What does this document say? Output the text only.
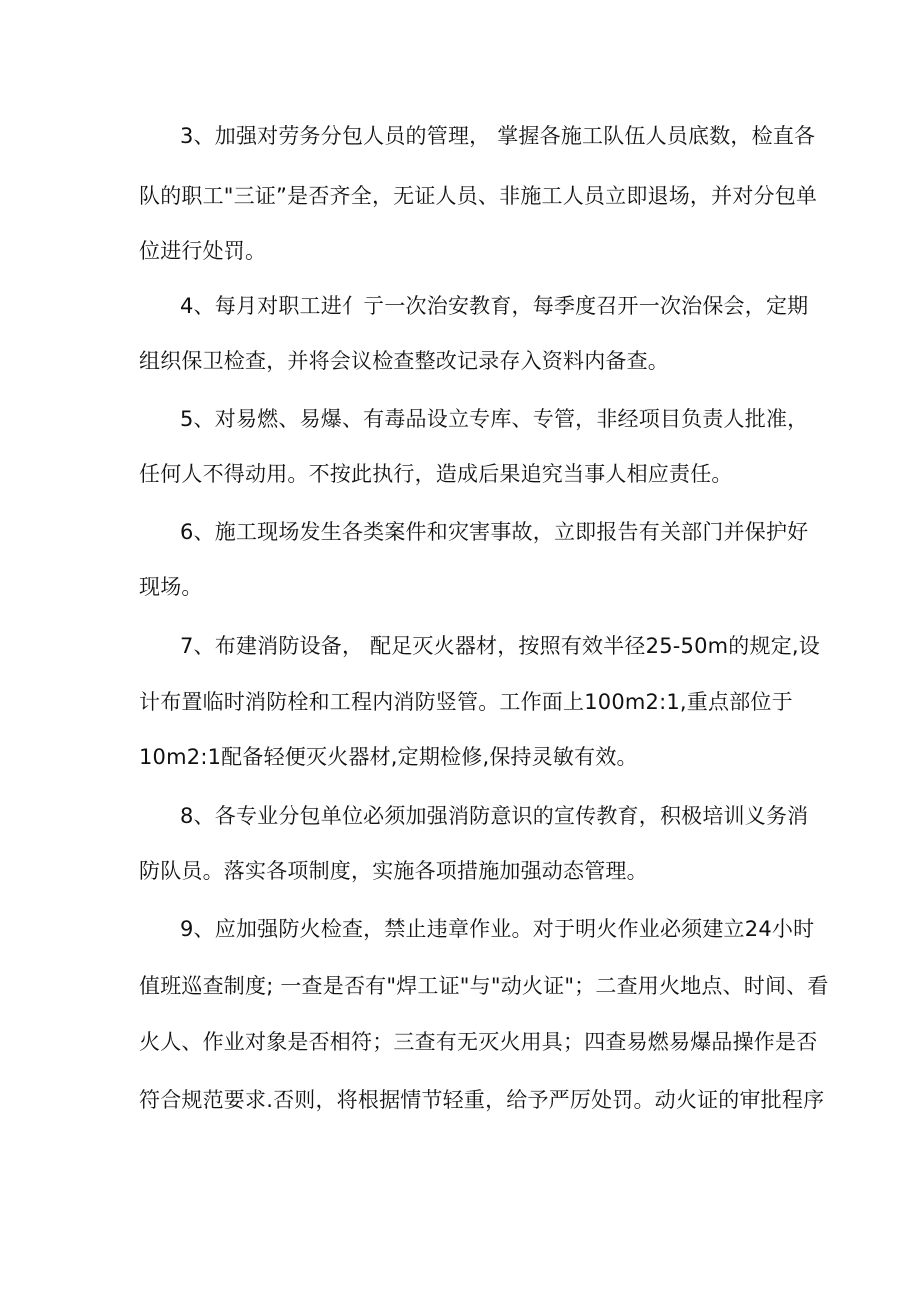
3、加强对劳务分包人员的管理， 掌握各施工队伍人员底数，检直各
队的职工"三证”是否齐全，无证人员、非施工人员立即退场，并对分包单
位进行处罚。
4、每月对职工进亻亍一次治安教育，每季度召开一次治保会，定期
组织保卫检查，并将会议检查整改记录存入资料内备查。
5、对易燃、易爆、有毒品设立专库、专管，非经项目负责人批准，
任何人不得动用。不按此执行，造成后果追究当事人相应责任。
6、施工现场发生各类案件和灾害事故，立即报告有关部门并保护好
现场。
7、布建消防设备， 配足灭火器材，按照有效半径25-50m的规定,设
计布置临时消防栓和工程内消防竖管。工作面上100m2:1,重点部位于
10m2:1配备轻便灭火器材,定期检修,保持灵敏有效。
8、各专业分包单位必须加强消防意识的宣传教育，积极培训义务消
防队员。落实各项制度，实施各项措施加强动态管理。
9、应加强防火检查，禁止违章作业。对于明火作业必须建立24小时
值班巡查制度; 一查是否有"焊工证"与"动火证"；二查用火地点、时间、看
火人、作业对象是否相符；三查有无灭火用具；四查易燃易爆品操作是否
符合规范要求.否则，将根据情节轻重，给予严厉处罚。动火证的审批程序
